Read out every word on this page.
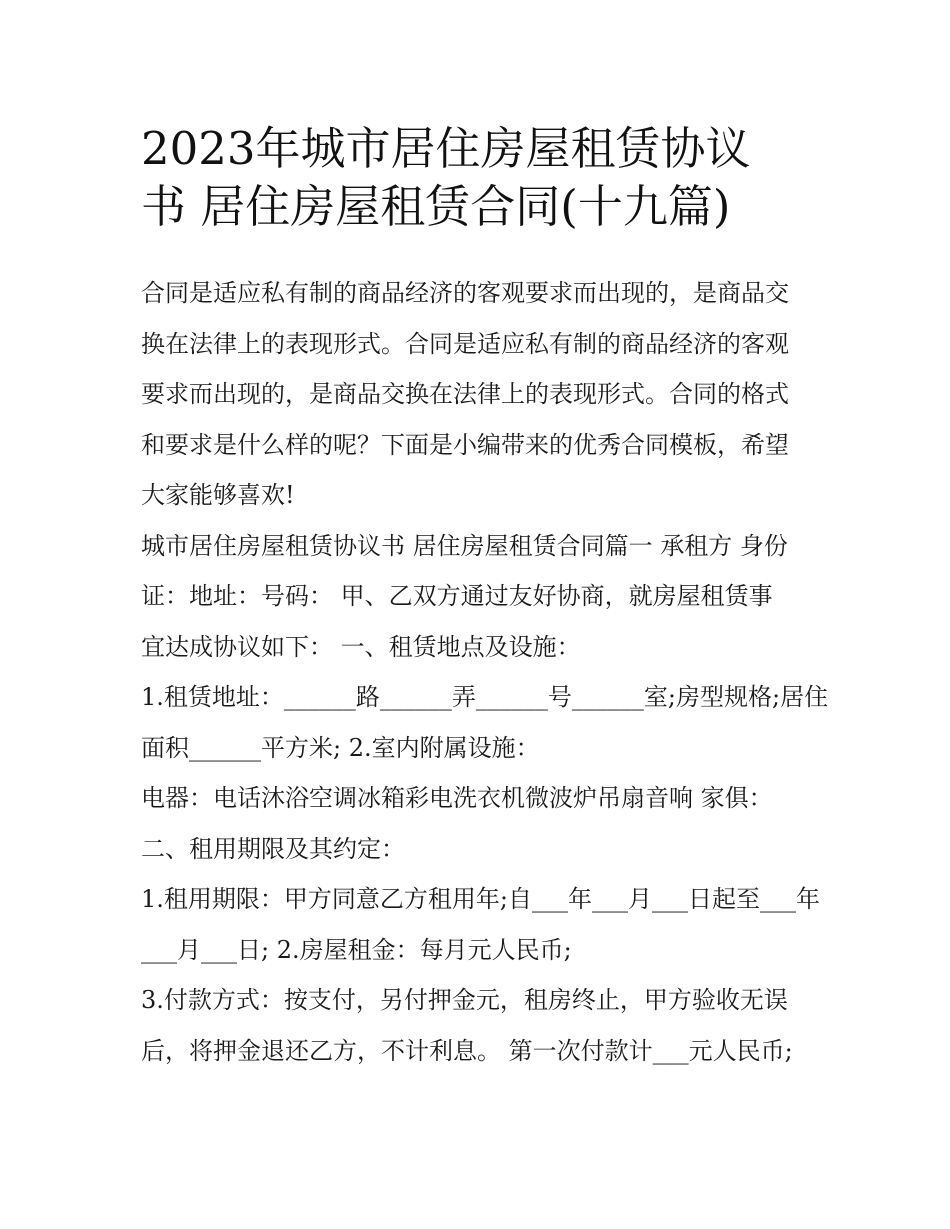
2023年城市居住房屋租赁协议
书 居住房屋租赁合同(十九篇)

合同是适应私有制的商品经济的客观要求而出现的，是商品交
换在法律上的表现形式。合同是适应私有制的商品经济的客观
要求而出现的，是商品交换在法律上的表现形式。合同的格式
和要求是什么样的呢？下面是小编带来的优秀合同模板，希望
大家能够喜欢!

城市居住房屋租赁协议书 居住房屋租赁合同篇一 承租方 身份
证：地址：号码： 甲、乙双方通过友好协商，就房屋租赁事
宜达成协议如下： 一、租赁地点及设施：

1.租赁地址：______路______弄______号______室;房型规格;居住
面积______平方米; 2.室内附属设施：

电器：电话沐浴空调冰箱彩电洗衣机微波炉吊扇音响 家俱：

二、租用期限及其约定：

1.租用期限：甲方同意乙方租用年;自___年___月___日起至___年
___月___日; 2.房屋租金：每月元人民币;

3.付款方式：按支付，另付押金元，租房终止，甲方验收无误
后，将押金退还乙方，不计利息。 第一次付款计___元人民币;
